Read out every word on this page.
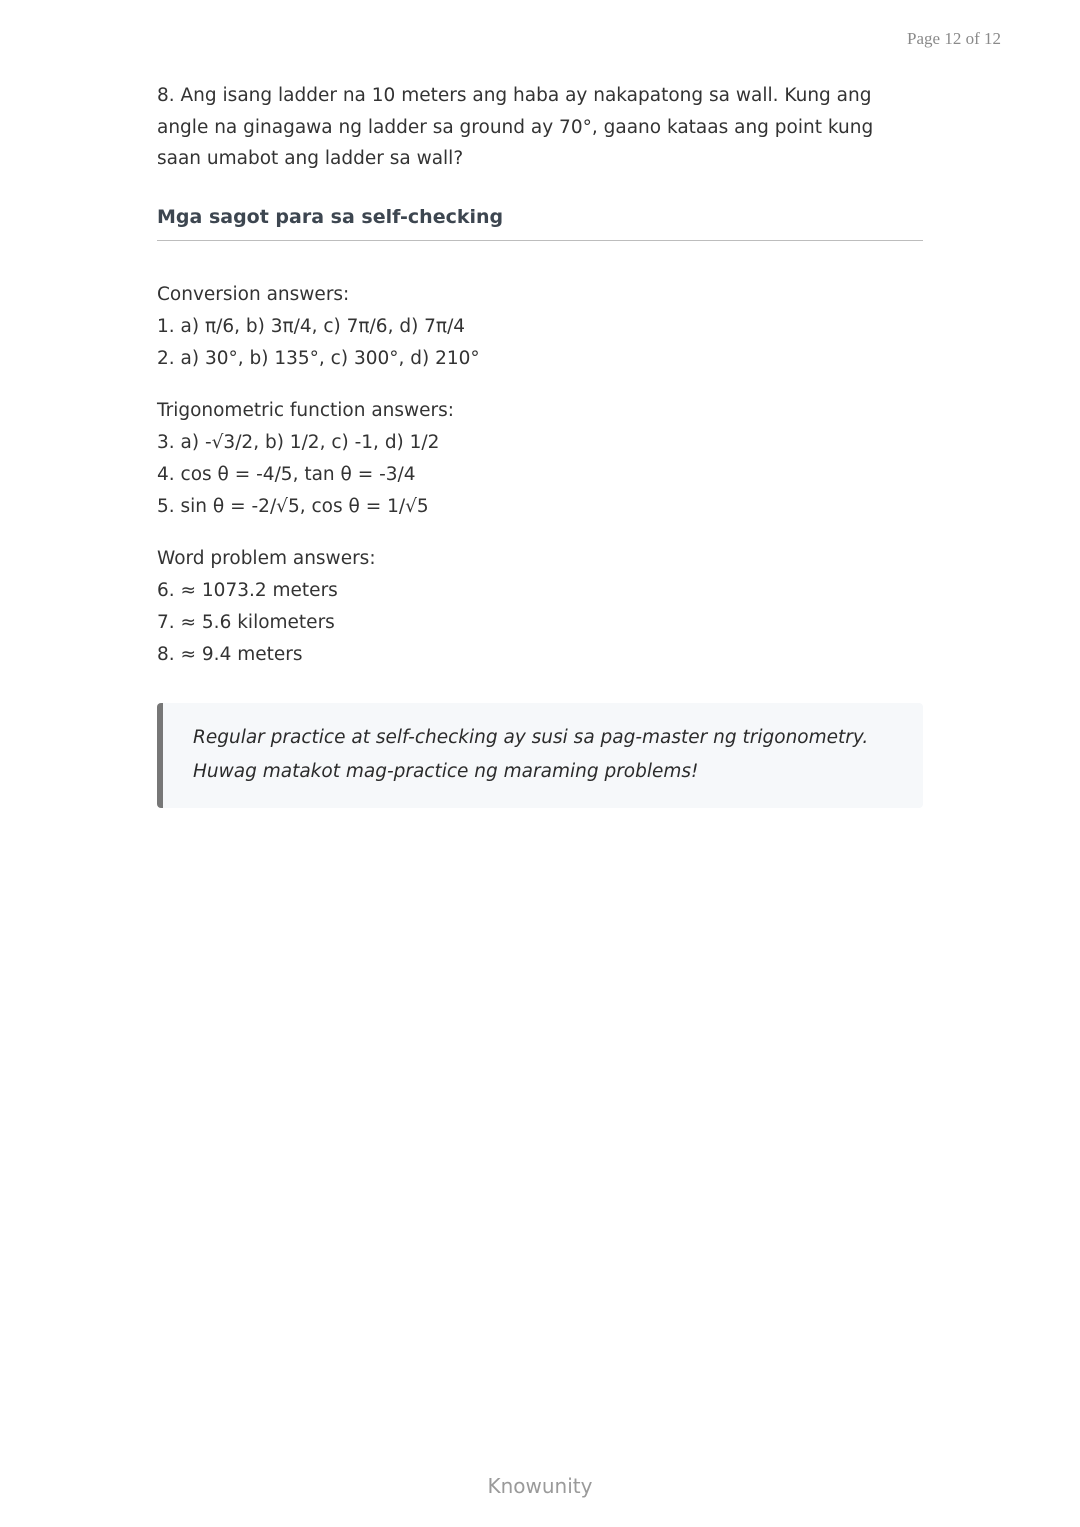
Page 12 of 12

8. Ang isang ladder na 10 meters ang haba ay nakapatong sa wall. Kung ang angle na ginagawa ng ladder sa ground ay 70°, gaano kataas ang point kung saan umabot ang ladder sa wall?

Mga sagot para sa self-checking
Conversion answers:
1. a) π/6, b) 3π/4, c) 7π/6, d) 7π/4
2. a) 30°, b) 135°, c) 300°, d) 210°
Trigonometric function answers:
3. a) -√3/2, b) 1/2, c) -1, d) 1/2
4. cos θ = -4/5, tan θ = -3/4
5. sin θ = -2/√5, cos θ = 1/√5
Word problem answers:
6. ≈ 1073.2 meters
7. ≈ 5.6 kilometers
8. ≈ 9.4 meters

Regular practice at self-checking ay susi sa pag-master ng trigonometry. Huwag matakot mag-practice ng maraming problems!

Knowunity
